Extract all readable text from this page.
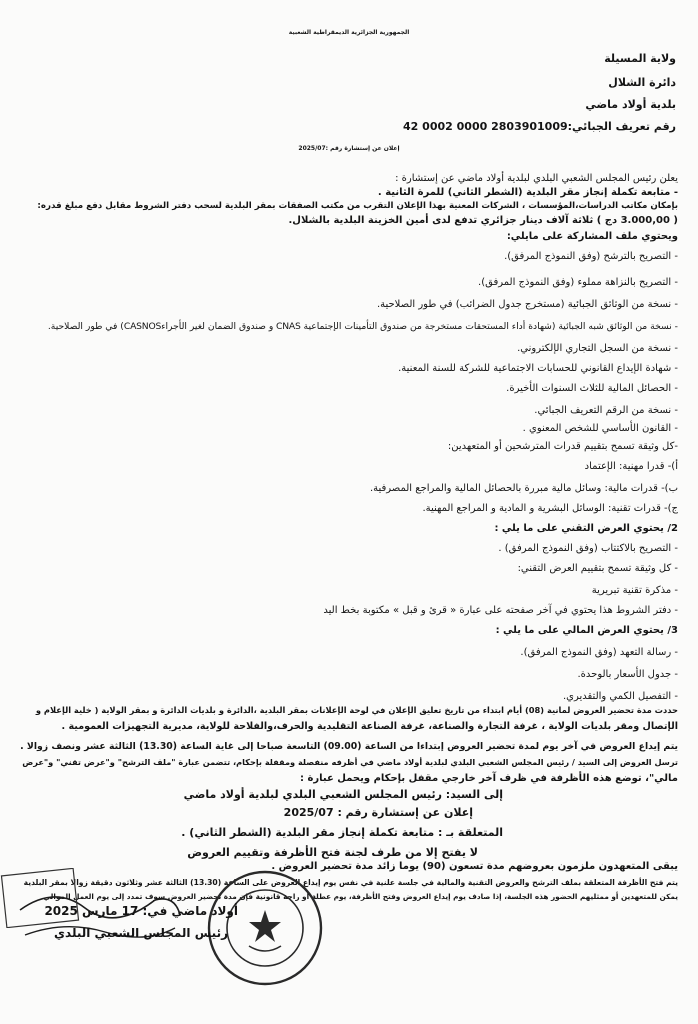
الجمهورية الجزائرية الديمقراطية الشعبية
ولاية المسيلة
دائرة الشلال
بلدية أولاد ماضي
رقم تعريف الجبائي:2803901009 0000 0002 42
إعلان عن إستشارة رقم :2025/07
يعلن رئيس المجلس الشعبي البلدي لبلدية أولاد ماضي عن إستشارة :
- متابعة تكملة إنجاز مقر البلدية (الشطر الثاني) للمرة الثانية .
بإمكان مكاتب الدراسات،المؤسسات ، الشركات المعنية بهذا الإعلان التقرب من مكتب الصفقات بمقر البلدية لسحب دفتر الشروط مقابل دفع مبلغ قدره:
( 3.000,00 دج ) ثلاثة آلاف دينار جزائري تدفع لدى أمين الخزينة البلدية بالشلال.
ويحتوي ملف المشاركة على مايلي:
- التصريح بالترشح (وفق النموذج المرفق).
- التصريح بالنزاهة مملوء (وفق النموذج المرفق).
- نسخة من الوثائق الجبائية (مستخرج جدول الضرائب) في طور الصلاحية.
- نسخة من الوثائق شبه الجبائية (شهادة أداء المستحقات مستخرجة من صندوق التأمينات الإجتماعية CNAS و صندوق الضمان لغير الأجراءCASNOS) في طور الصلاحية.
- نسخة من السجل التجاري الإلكتروني.
- شهادة الإيداع القانوني للحسابات الاجتماعية للشركة للسنة المعنية.
- الحصائل المالية للثلاث السنوات الأخيرة.
- نسخة من الرقم التعريف الجبائي.
- القانون الأساسي للشخص المعنوي .
-كل وثيقة تسمح بتقييم قدرات المترشحين أو المتعهدين:
أ)- قدرا مهنية: الإعتماد
ب)- قدرات مالية: وسائل مالية مبررة بالحصائل المالية والمراجع المصرفية.
ج)- قدرات تقنية: الوسائل البشرية و المادية و المراجع المهنية.
2/ يحتوي العرض التقني على ما يلي :
- التصريح بالاكتتاب (وفق النموذج المرفق) .
- كل وثيقة تسمح بتقييم العرض التقني:
- مذكرة تقنية تبريرية
- دفتر الشروط هذا يحتوي في آخر صفحته على عبارة « قرئ و قبل » مكتوبة بخط اليد
3/ يحتوي العرض المالي على ما يلي :
- رسالة التعهد (وفق النموذج المرفق).
- جدول الأسعار بالوحدة.
- التفصيل الكمي والتقديري.
حددت مدة تحضير العروض لمانية (08) أيام ابتداء من تاريخ تعليق الإعلان في لوحة الإعلانات بمقر البلدية ،الدائرة و بلديات الدائرة و بمقر الولاية ( خلية الإعلام و
الإتصال ومقر بلديات الولاية ، غرفة التجارة والصناعة، غرفة الصناعة التقليدية والحرف،والفلاحة للولاية، مديرية التجهيزات العمومية .
يتم إيداع العروض في آخر يوم لمدة تحضير العروض إبتداءا من الساعة (09.00) التاسعة صباحا إلى غاية الساعة (13.30) الثالثة عشر ونصف زوالا .
ترسل العروض إلى السيد / رئيس المجلس الشعبي البلدي لبلدية أولاد ماضي في أظرفه منفصلة ومقفلة بإحكام، تتضمن عبارة "ملف الترشح" و"عرض تقني" و"عرض
مالي"، توضع هذه الأظرفة في ظرف آخر خارجي مقفل بإحكام ويحمل عبارة :
إلى السيد: رئيس المجلس الشعبي البلدي لبلدية أولاد ماضي
إعلان عن إستشارة رقم : 2025/07
المتعلقة بـ : متابعة تكملة إنجاز مقر البلدية (الشطر الثاني) .
لا يفتح إلا من طرف لجنة فتح الأظرفة وتقييم العروض
يبقى المتعهدون ملزمون بعروضهم مدة تسعون (90) يوما زائد مدة تحضير العروض .
يتم فتح الأظرفة المتعلقة بملف الترشح والعروض التقنية والمالية في جلسة علنية في نفس يوم إيداع العروض على الساعة (13.30) الثالثة عشر وثلاثون دقيقة زوالا بمقر البلدية
يمكن للمتعهدين أو ممثليهم الحضور هذه الجلسة، إذا صادف يوم إيداع العروض وفتح الأظرفة، يوم عطلة أو راحة قانونية فإن مدة تحضير العروض سوف تمدد إلى يوم العمل الموالي
أولاد ماضي في: 17 مارس 2025
رئيس المجلس الشعبي البلدي
